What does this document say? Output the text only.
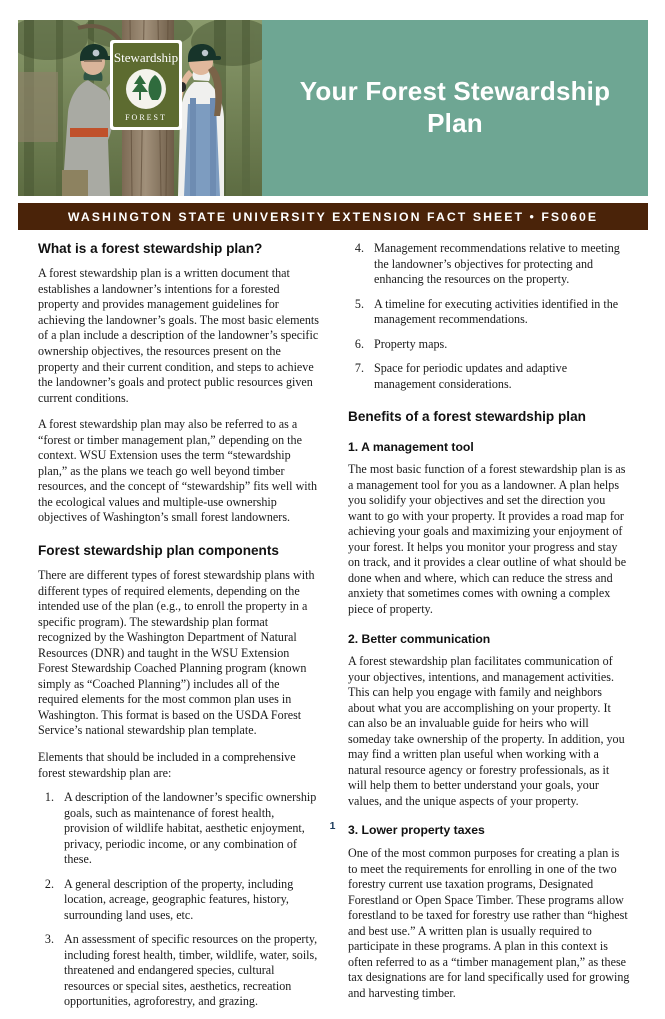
Stewardship
FOREST
Your Forest Stewardship Plan
WASHINGTON STATE UNIVERSITY EXTENSION FACT SHEET • FS060E
What is a forest stewardship plan?

A forest stewardship plan is a written document that establishes a landowner’s intentions for a forested property and provides management guidelines for achieving the landowner’s goals. The most basic elements of a plan include a description of the landowner’s specific ownership objectives, the resources present on the property and their current condition, and steps to achieve the landowner’s goals and protect public resources given current conditions.

A forest stewardship plan may also be referred to as a “forest or timber management plan,” depending on the context. WSU Extension uses the term “stewardship plan,” as the plans we teach go well beyond timber resources, and the concept of “stewardship” fits well with the ecological values and multiple-use ownership objectives of Washington’s small forest landowners.

Forest stewardship plan components

There are different types of forest stewardship plans with different types of required elements, depending on the intended use of the plan (e.g., to enroll the property in a specific program). The stewardship plan format recognized by the Washington Department of Natural Resources (DNR) and taught in the WSU Extension Forest Stewardship Coached Planning program (known simply as “Coached Planning”) includes all of the required elements for the most common plan uses in Washington. This format is based on the USDA Forest Service’s national stewardship plan template.

Elements that should be included in a comprehensive forest stewardship plan are:

1. A description of the landowner’s specific ownership goals, such as maintenance of forest health, provision of wildlife habitat, aesthetic enjoyment, privacy, periodic income, or any combination of these.
2. A general description of the property, including location, acreage, geographic features, history, surrounding land uses, etc.
3. An assessment of specific resources on the property, including forest health, timber, wildlife, water, soils, threatened and endangered species, cultural resources or special sites, aesthetics, recreation opportunities, agroforestry, and grazing.
4. Management recommendations relative to meeting the landowner’s objectives for protecting and enhancing the resources on the property.
5. A timeline for executing activities identified in the management recommendations.
6. Property maps.
7. Space for periodic updates and adaptive management considerations.
Benefits of a forest stewardship plan
1. A management tool

The most basic function of a forest stewardship plan is as a management tool for you as a landowner. A plan helps you solidify your objectives and set the direction you want to go with your property. It provides a road map for achieving your goals and maximizing your enjoyment of your forest. It helps you monitor your progress and stay on track, and it provides a clear outline of what should be done when and where, which can reduce the stress and anxiety that sometimes comes with owning a complex piece of property.

2. Better communication

A forest stewardship plan facilitates communication of your objectives, intentions, and management activities. This can help you engage with family and neighbors about what you are accomplishing on your property. It can also be an invaluable guide for heirs who will someday take ownership of the property. In addition, you may find a written plan useful when working with a natural resource agency or forestry professionals, as it will help them to better understand your goals, your values, and the unique aspects of your property.

3. Lower property taxes

One of the most common purposes for creating a plan is to meet the requirements for enrolling in one of the two forestry current use taxation programs, Designated Forestland or Open Space Timber. These programs allow forestland to be taxed for forestry use rather than “highest and best use.” A written plan is usually required to participate in these programs. A plan in this context is often referred to as a “timber management plan,” as these tax designations are for land specifically used for growing and harvesting timber.

1
